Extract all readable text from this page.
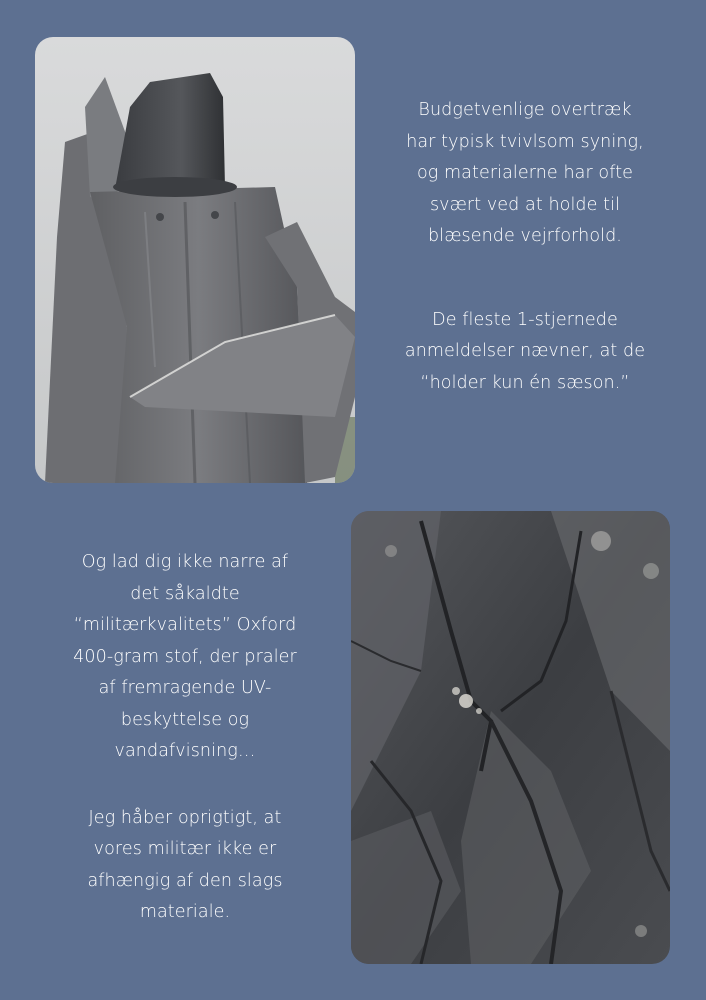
Budgetvenlige overtræk
har typisk tvivlsom syning,
og materialerne har ofte
svært ved at holde til
blæsende vejrforhold.

De fleste 1-stjernede
anmeldelser nævner, at de
“holder kun én sæson.”

Og lad dig ikke narre af
det såkaldte
“militærkvalitets” Oxford
400-gram stof, der praler
af fremragende UV-
beskyttelse og
vandafvisning…

Jeg håber oprigtigt, at
vores militær ikke er
afhængig af den slags
materiale.
